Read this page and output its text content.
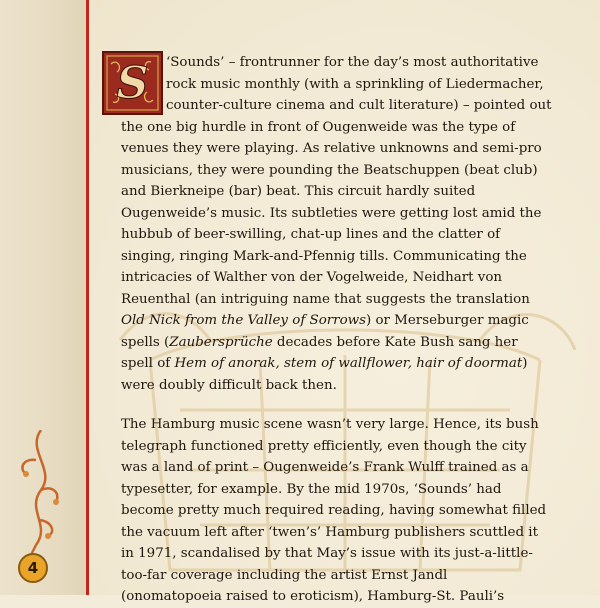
4
S	‘Sounds’ – frontrunner for the day’s most authoritative
rock music monthly (with a sprinkling of Liedermacher,
counter-culture cinema and cult literature) – pointed out
the one big hurdle in front of Ougenweide was the type of
venues they were playing. As relative unknowns and semi-pro
musicians, they were pounding the Beatschuppen (beat club)
and Bierkneipe (bar) beat. This circuit hardly suited
Ougenweide’s music. Its subtleties were getting lost amid the
hubbub of beer-swilling, chat-up lines and the clatter of
singing, ringing Mark-and-Pfennig tills. Communicating the
intricacies of Walther von der Vogelweide, Neidhart von
Reuenthal (an intriguing name that suggests the translation
Old Nick from the Valley of Sorrows) or Merseburger magic
spells (Zaubersprüche decades before Kate Bush sang her
spell of Hem of anorak, stem of wallflower, hair of doormat)
were doubly difficult back then.

The Hamburg music scene wasn’t very large. Hence, its bush
telegraph functioned pretty efficiently, even though the city
was a land of print – Ougenweide’s Frank Wulff trained as a
typesetter, for example. By the mid 1970s, ‘Sounds’ had
become pretty much required reading, having somewhat filled
the vacuum left after ‘twen’s’ Hamburg publishers scuttled it
in 1971, scandalised by that May’s issue with its just-a-little-
too-far coverage including the artist Ernst Jandl
(onomatopoeia raised to eroticism), Hamburg-St. Pauli’s
